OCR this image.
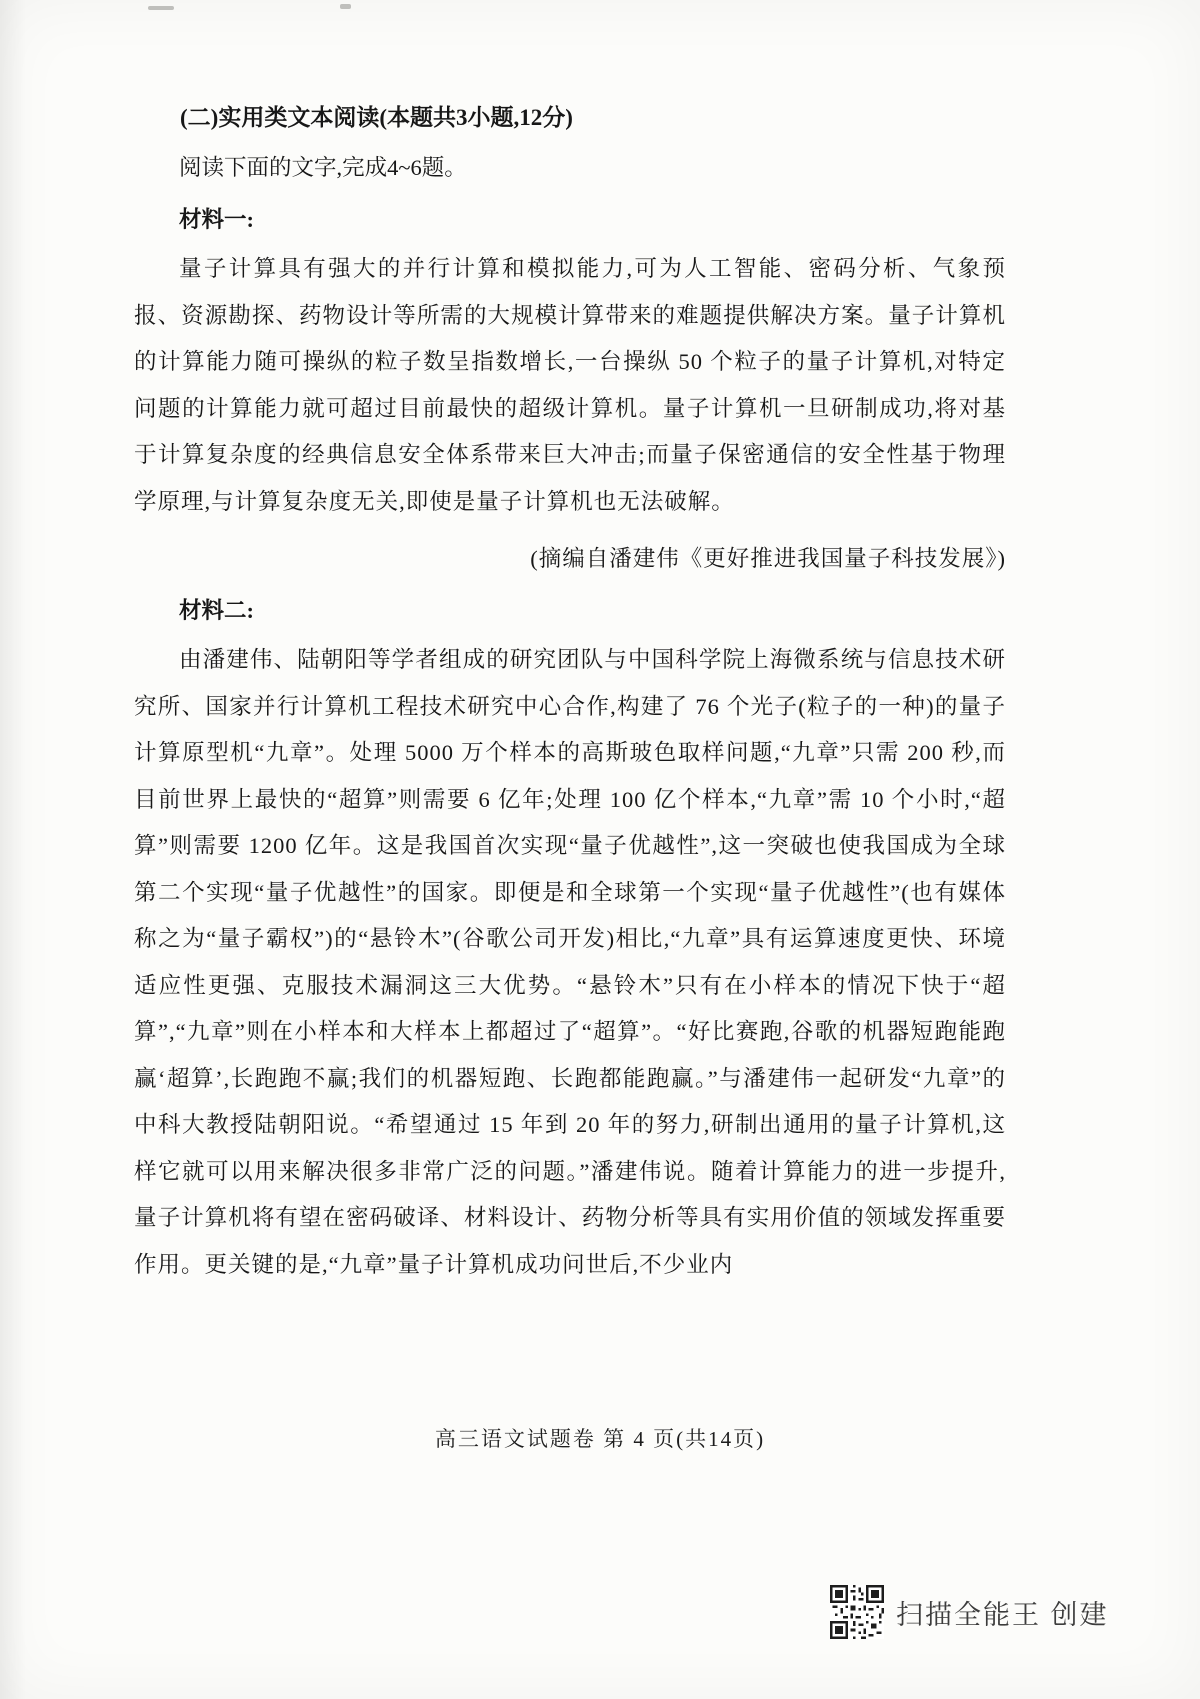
(二)实用类文本阅读(本题共3小题,12分)

阅读下面的文字,完成4~6题。

材料一:

量子计算具有强大的并行计算和模拟能力,可为人工智能、密码分析、气象预报、资源勘探、药物设计等所需的大规模计算带来的难题提供解决方案。量子计算机的计算能力随可操纵的粒子数呈指数增长,一台操纵 50 个粒子的量子计算机,对特定问题的计算能力就可超过目前最快的超级计算机。量子计算机一旦研制成功,将对基于计算复杂度的经典信息安全体系带来巨大冲击;而量子保密通信的安全性基于物理学原理,与计算复杂度无关,即使是量子计算机也无法破解。

(摘编自潘建伟《更好推进我国量子科技发展》)

材料二:

由潘建伟、陆朝阳等学者组成的研究团队与中国科学院上海微系统与信息技术研究所、国家并行计算机工程技术研究中心合作,构建了 76 个光子(粒子的一种)的量子计算原型机“九章”。处理 5000 万个样本的高斯玻色取样问题,“九章”只需 200 秒,而目前世界上最快的“超算”则需要 6 亿年;处理 100 亿个样本,“九章”需 10 个小时,“超算”则需要 1200 亿年。这是我国首次实现“量子优越性”,这一突破也使我国成为全球第二个实现“量子优越性”的国家。即便是和全球第一个实现“量子优越性”(也有媒体称之为“量子霸权”)的“悬铃木”(谷歌公司开发)相比,“九章”具有运算速度更快、环境适应性更强、克服技术漏洞这三大优势。“悬铃木”只有在小样本的情况下快于“超算”,“九章”则在小样本和大样本上都超过了“超算”。“好比赛跑,谷歌的机器短跑能跑赢‘超算’,长跑跑不赢;我们的机器短跑、长跑都能跑赢。”与潘建伟一起研发“九章”的中科大教授陆朝阳说。“希望通过 15 年到 20 年的努力,研制出通用的量子计算机,这样它就可以用来解决很多非常广泛的问题。”潘建伟说。随着计算能力的进一步提升,量子计算机将有望在密码破译、材料设计、药物分析等具有实用价值的领域发挥重要作用。更关键的是,“九章”量子计算机成功问世后,不少业内

高三语文试题卷 第 4 页(共14页)
扫描全能王 创建
